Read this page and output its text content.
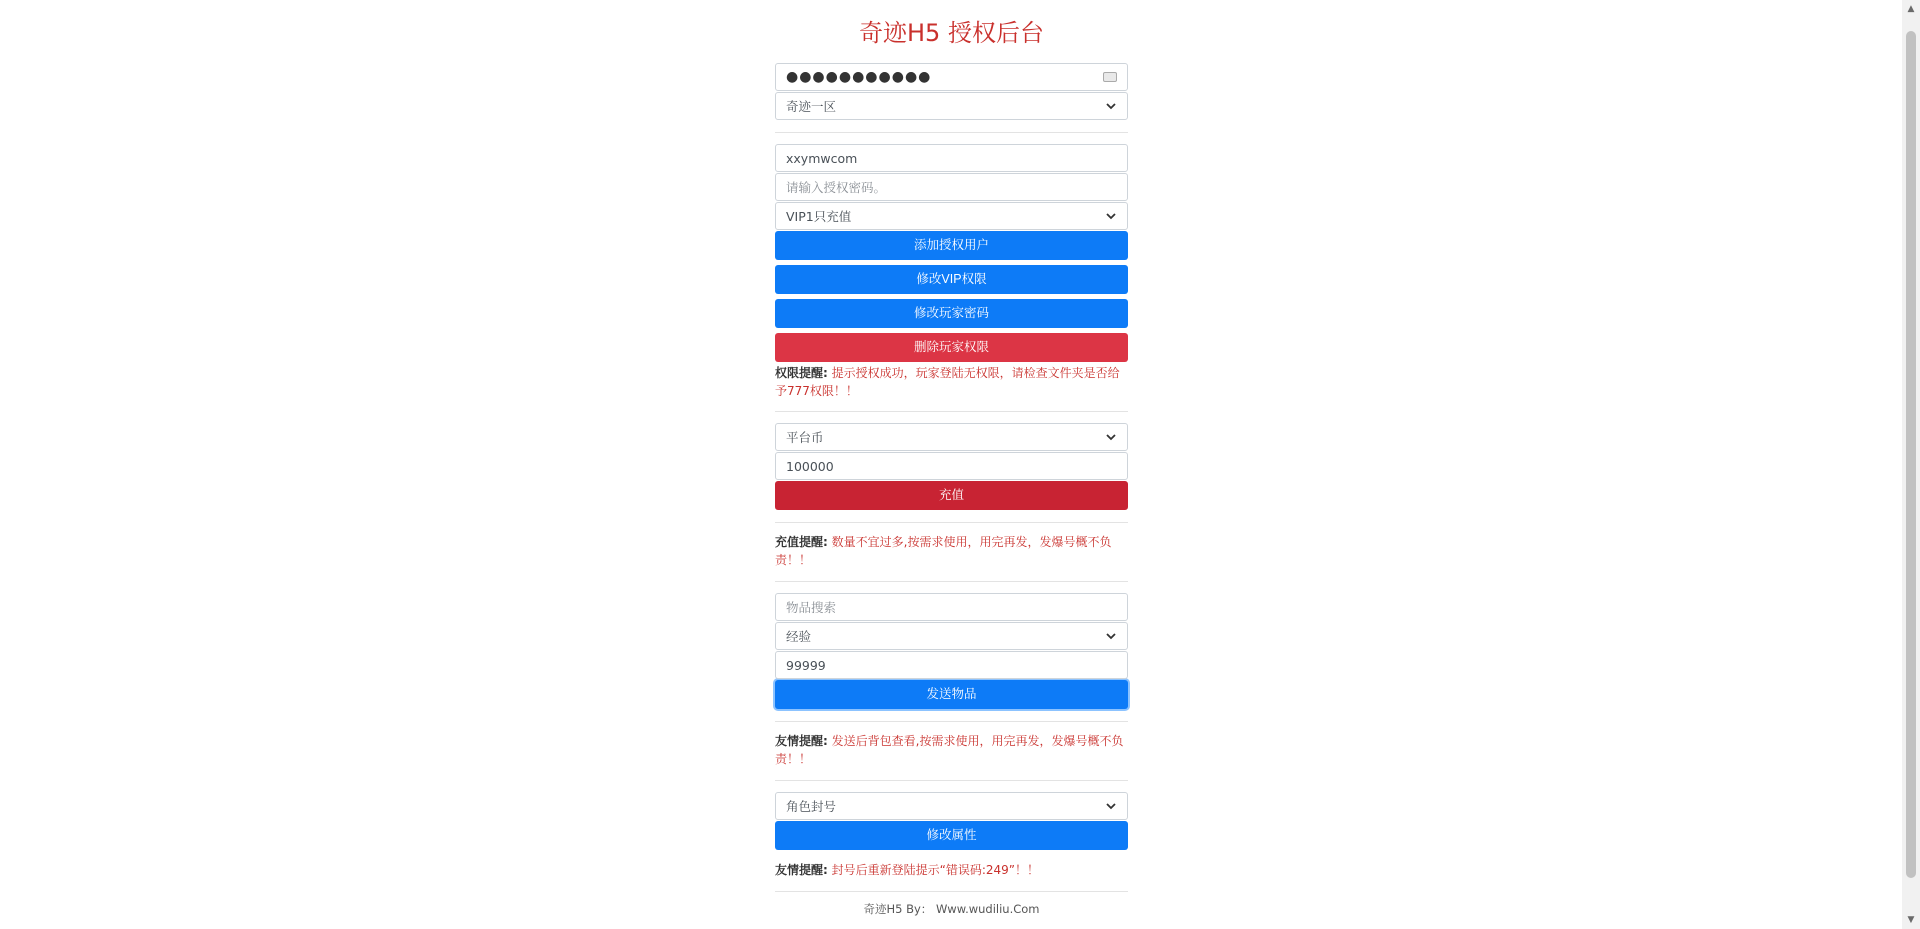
奇迹H5 授权后台
●●●●●●●●●●●
奇迹一区
xxymwcom
请输入授权密码。
VIP1只充值
添加授权用户
修改VIP权限
修改玩家密码
删除玩家权限

权限提醒: 提示授权成功，玩家登陆无权限，请检查文件夹是否给予777权限！！

平台币
100000
充值

充值提醒: 数量不宜过多,按需求使用，用完再发，发爆号概不负责！！

物品搜索
经验
99999
发送物品

友情提醒: 发送后背包查看,按需求使用，用完再发，发爆号概不负责！！

角色封号
修改属性

友情提醒: 封号后重新登陆提示“错误码:249”！！

奇迹H5 By： Www.wudiliu.Com

▲
▼
